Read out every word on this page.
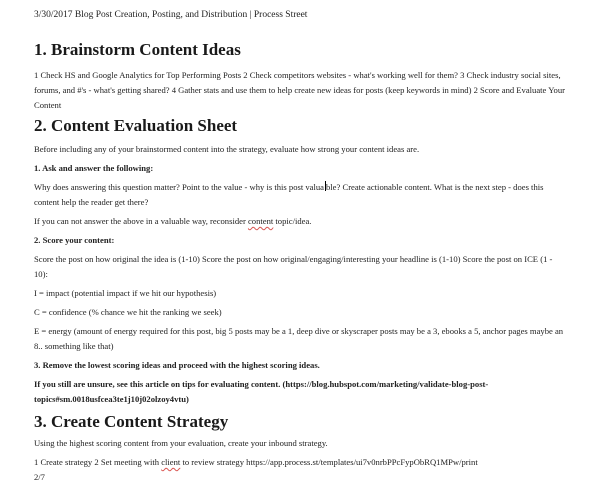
3/30/2017 Blog Post Creation, Posting, and Distribution | Process Street
1. Brainstorm Content Ideas

1 Check HS and Google Analytics for Top Performing Posts 2 Check competitors websites - what's working well for them? 3 Check industry social sites, forums, and #'s - what's getting shared? 4 Gather stats and use them to help create new ideas for posts (keep keywords in mind) 2 Score and Evaluate Your Content

2. Content Evaluation Sheet

Before including any of your brainstormed content into the strategy, evaluate how strong your content ideas are.

1. Ask and answer the following:

Why does answering this question matter? Point to the value - why is this post valua ble? Create actionable content. What is the next step - does this content help the reader get there?

If you can not answer the above in a valuable way, reconsider content topic/idea.

2. Score your content:

Score the post on how original the idea is (1-10) Score the post on how original/engaging/interesting your headline is (1-10) Score the post on ICE (1 - 10):

I = impact (potential impact if we hit our hypothesis)

C = confidence (% chance we hit the ranking we seek)

E = energy (amount of energy required for this post, big 5 posts may be a 1, deep dive or skyscraper posts may be a 3, ebooks a 5, anchor pages maybe an 8.. something like that)

3. Remove the lowest scoring ideas and proceed with the highest scoring ideas.

If you still are unsure, see this article on tips for evaluating content. (https://blog.hubspot.com/marketing/validate-blog-post-topics#sm.0018usfcea3te1j10j02olzoy4vtu)

3. Create Content Strategy

Using the highest scoring content from your evaluation, create your inbound strategy.

1 Create strategy 2 Set meeting with client to review strategy https://app.process.st/templates/ui7v0nrbPPcFypObRQ1MPw/print
2/7
